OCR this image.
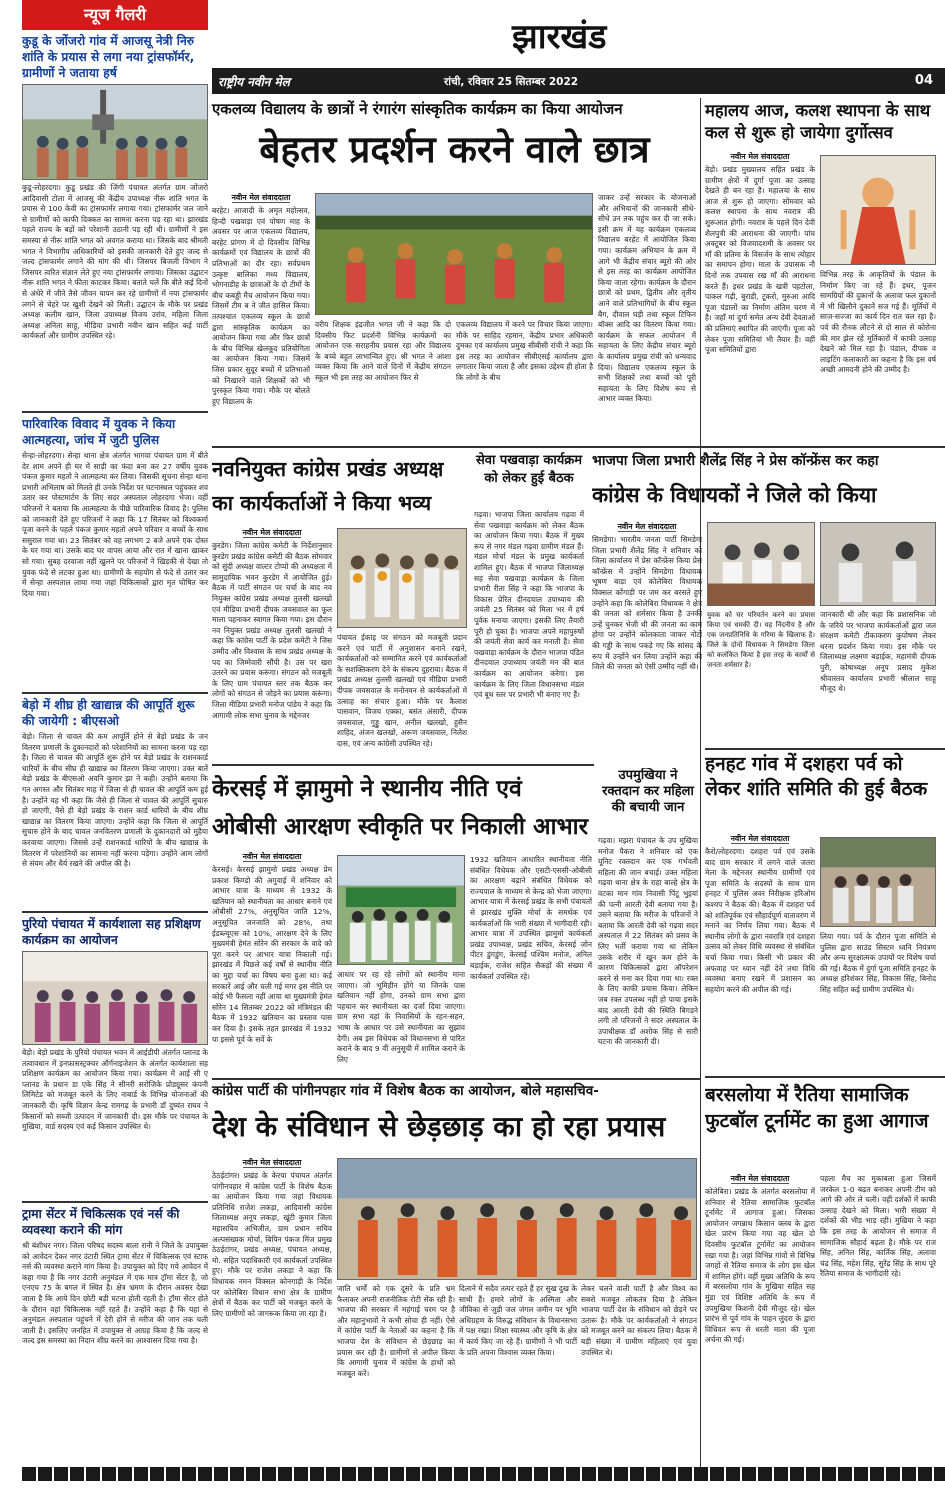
झारखंड
राष्ट्रीय नवीन मेल	रांची, रविवार 25 सितम्बर 2022	04
न्यूज गैलरी
कुडू के जोंजरो गांव में आजसू नेत्री निरु शांति के प्रयास से लगा नया ट्रांसफॉर्मर, ग्रामीणों ने जताया हर्ष
कुडू-लोहरदगा। कुडू प्रखंड की जिंगी पंचायत अंतर्गत ग्राम जोंजरो आदिवासी टोला में आजसू की केंद्रीय उपाध्यक्ष नीरू शांति भगत के प्रयास से 100 केवी का ट्रांसफार्मर लगाया गया। ट्रांसफार्मर जल जाने से ग्रामीणों को काफी दिक्कत का सामना करना पड़ रहा था। झारखंड पहले राज्य के बड़ों को परेशानी उठानी पड़ रही थी। ग्रामीणों ने इस समस्या से नीरू शांति भगत को अवगत कराया था। जिसके बाद श्रीमती भगत ने विभागीय अधिकारियों को इसकी जानकारी देते हुए जल्द से जल्द ट्रांसफार्मर लगाने की मांग की थी। जिसपर बिजली विभाग ने जिसपर त्वरित संज्ञान लेते हुए नया ट्रांसफार्मर लगाया। जिसका उद्घाटन नीरू शांति भगत ने फीता काटकर किया। बताते चलें कि बीते कई दिनों से अंधेरे में जीने तैसे जीवन यापन कर रहे ग्रामीणों में नया ट्रांसफार्मर लगने से चेहरे पर खुशी देखने को मिली। उद्घाटन के मौके पर प्रखंड अध्यक्ष कलीम खान, जिला उपाध्यक्ष विजय उरांव, महिला जिला अध्यक्ष अनिता साहू, मीडिया प्रभारी नवीन खान सहित कई पार्टी कार्यकर्ता और ग्रामीण उपस्थित रहे।
पारिवारिक विवाद में युवक ने किया आत्महत्या, जांच में जुटी पुलिस
सेन्हा-लोहरदगा। सेन्हा थाना क्षेत्र अंतर्गत भागवा पंचायत ग्राम में बीते देर शाम अपने ही घर में साड़ी का फंदा बना कर 27 वर्षीय युवक पंकज कुमार महतो ने आत्महत्या कर लिया। जिसकी सूचना सेन्हा थाना प्रभारी अभिलाष को मिलते ही उनके निर्देश पर घटनास्थल पहुंचकर शव उतार कर पोस्टमार्टम के लिए सदर अस्पताल लोहरदगा भेजा। वहीं परिजनों ने बताया कि आत्महत्या के पीछे पारिवारिक विवाद है। पुलिस को जानकारी देते हुए परिजनों ने कहा कि 17 सितंबर को विश्वकर्मा पूजा करने के पहले पंकज कुमार महतो अपने परिवार व बच्चों के साथ ससुराल गया था। 23 सितंबर को वह लगभग 2 बजे अपने एक दोस्त के घर गया था। उसके बाद घर वापस आया और रात में खाना खाकर सो गया। सुबह दरवाजा नहीं खुलने पर परिजनों ने खिड़की से देखा तो युवक फंदे से लटका हुआ था। ग्रामीणों के सहयोग से फंदे से उतार कर में सेन्हा अस्पताल लाया गया जहां चिकित्सकों द्वारा मृत घोषित कर दिया गया।
बेड़ो में शीघ्र ही खाद्यान्न की आपूर्ति शुरू की जायेगी : बीएसओ
बेड़ो। जिला से चावल की कम आपूर्ति होने से बेड़ो प्रखंड के जन वितरण प्रणाली के दुकानदारों को परेशानियों का सामना करना पड़ रहा है। जिला से चावल की आपूर्ति शुरू होने पर बेड़ो प्रखंड के राशनकार्ड धारियों के बीच सीघ्र ही खाद्यान्न का वितरण किया जाएगा। उक्त बातें बेड़ो प्रखंड के बीएसओ अवनि कुमार झा ने कही। उन्होंने बताया कि गत अगस्त और सितंबर माह में जिला से ही चावल की आपूर्ति कम हुई है। उन्होंने यह भी कहा कि जैसे ही जिला से चावल की आपूर्ति सुचारु हो जाएगी, वैसे ही बेड़ो प्रखंड के राशन कार्ड धारियों के बीच शीघ्र खाद्यान्न का वितरण किया जाएगा। उन्होंने कहा कि जिला से आपूर्ति सुचारु होने के बाद चावल जनवितरण प्रणाली के दुकानदारों को मुहैया करवाया जाएगा। जिससे उन्हें राशनकार्ड धारियों के बीच खाद्यान्न के वितरण में परेशानियों का सामना नहीं करना पड़ेगा। उन्होंने आम लोगों से संयम और धैर्य रखने की अपील की है।
पुरियो पंचायत में कार्यशाला सह प्रशिक्षण कार्यक्रम का आयोजन
बेड़ो। बेड़ो प्रखंड के पुरियो पंचायत भवन में आईडीपी अंतर्गत प्लानड के तत्वावधान में इनफ़ासस्ट्रक्चर ऑर्गनाइजेशन के अंतर्गत कार्यशाला सह प्रशिक्षण कार्यक्रम का आयोजन किया गया। कार्यक्रम में आई सी ए प्लानड के प्रधान डा एके सिंह ने सीनरी सरोजिके प्रोड्यूसर कंपनी लिमिटेड को मजबूत करने के लिए नाबार्ड के विभिन्न योजनाओं की जानकारी दी। कृषि विज्ञान केन्द्र रामगढ़ के प्रभारी डॉ दुष्यंत राघव ने किसानों को सब्जी उत्पादन में जानकारी दी। इस मौके पर पंचायत के मुखिया, वार्ड सदस्य एवं कई किसान उपस्थित थे।
ट्रामा सेंटर में चिकित्सक एवं नर्स की व्यवस्था कराने की मांग
श्री बंशीधर नगर। जिला परिषद सदस्य बाला रानी ने जिले के उपायुक्त को आवेदन देकर नगर उंटारी स्थित ट्रामा सेंटर में चिकित्सक एवं स्टाफ नर्स की व्यवस्था कराने मांग किया है। उपायुक्त को दिए गये आवेदन में कहा गया है कि नगर उंटारी अनुमंडल में एक मात्र ट्रॉमा सेंटर है, जो एनएच 75 के बगल में स्थित है। क्षेत्र भ्रमण के दौरान अवसर देखा जाता है कि आये दिन छोटी बड़ी घटना होती रहती है। ट्रॉमा सेंटर होते के दौरान वहां चिकित्सक नहीं रहते हैं। उन्होंने कहा है कि यहां से अनुमंडल अस्पताल पहुंचने में देरी होने से मरीज की जान तक चली जाती है। इसलिए जनहित में उपायुक्त से आग्रह किया है कि जल्द से जल्द इस समस्या का निदान शीघ्र करने का आश्वासन दिया गया है।
एकलव्य विद्यालय के छात्रों ने रंगारंग सांस्कृतिक कार्यक्रम का किया आयोजन
बेहतर प्रदर्शन करने वाले छात्र
नवीन मेल संवाददाता
बरहेट। आजादी के अमृत महोत्सव, हिन्दी पखवाड़ा एवं पोषण माह के अवसर पर आज एकलव्य विद्यालय, बरहेट प्रांगण में दो दिवसीय विभिन्न कार्यक्रमों एवं विद्यालय के छात्रों की प्रतिभाओं का दौर रहा। सर्वप्रथम उत्कृष्ट बालिका मध्य विद्यालय, भोगनाडीह के छात्राओं के दो टीमों के बीच कबड्डी मैच आयोजन किया गया। जिसमें टीम ब ने जीत हासिल किया। तत्पश्चात एकलव्य स्कूल के छात्रों द्वारा सांस्कृतिक कार्यक्रम का आयोजन किया गया और फिर छात्रों के बीच विभिन्न खेलकूद प्रतियोगिता का आयोजन किया गया। जिसमें जिस प्रकार सुदूर बच्चों में प्रतिभाओं को निखारने वाले शिक्षकों को भी पुरस्कृत किया गया। मौके पर बोलते हुए विद्यालय के
जाकर उन्हें सरकार के योजनाओं और अभियानों की जानकारी सीधे-सीधे उन तक पहुंच कर दी जा सके। इसी क्रम में यह कार्यक्रम एकलव्य विद्यालय बरहेट में आयोजित किया गया। कार्यक्रम अभियान के क्रम में आगे भी केंद्रीय संचार ब्यूरो की ओर से इस तरह का कार्यक्रम आयोजित किया जाता रहेगा। कार्यक्रम के दौरान छात्रों को प्रथम, द्वितीय और तृतीय आने वाले प्रतिभागियों के बीच स्कूल बैग, दीवाल घड़ी तथा स्कूल टिफिन बॉक्स आदि का वितरण किया गया। कार्यक्रम के सफल आयोजन में सहायता के लिए केंद्रीय संचार ब्यूरो के कार्यालय प्रमुख रांची को धन्यवाद दिया। विद्यालय एकलव्य स्कूल के सभी शिक्षकों तथा बच्चों को पूरी सहायता के लिए विशेष रूप से आभार व्यक्त किया।
वरीय शिक्षक इंद्रजीत भगत जी ने कहा कि दो दिवसीय फिट प्रदर्शनी विभिन्न कार्यक्रमों का आयोजन एक सराहनीय प्रयास रहा और विद्यालय के बच्चे बहुत लाभान्वित हुए। श्री भगत ने आशा व्यक्त किया कि आने वाले दिनों में केंद्रीय संगठन स्कूल भी इस तरह का आयोजन फिर से
एकलव्य विद्यालय में करने पर विचार किया जाएगा। मौके पर साहिद रहमान, केंद्रीय प्रभार अधिकारी दुमका एवं कार्यालय प्रमुख सीबीसी रांची ने कहा कि इस तरह का आयोजन सीबीएसई कार्यालय द्वारा लगातार किया जाता है और इसका उद्देश्य ही होता है कि लोगों के बीच
महालय आज, कलश स्थापना के साथ कल से शुरू हो जायेगा दुर्गोत्सव
नवीन मेल संवाददाता
बेड़ो। प्रखंड मुख्यालय सहित प्रखंड के ग्रामीण क्षेत्रों में दुर्गा पूजा का उत्साह देखते ही बन रहा है। महालया के साथ आज से शुरू हो जाएगा। सोमवार को कलश स्थापना के साथ नवरात्र की शुरूआत होगी। नवरात्र के पहले दिन देवी शैलपुत्री की आराधना की जाएगी। पांच अक्टूबर को विजयादशमी के अवसर पर माँ की प्रतिमा के विसर्जन के साथ त्योहार का समापन होगा। माता के उपासक नौ दिनों तक उपवास रख माँ की आराधना करते हैं। इधर प्रखंड के खत्री पहटोला, पाकल गढ़ी, बुराडी, टूकरो, मुरुआ आदि पूजा पंडालों का निर्माण अंतिम चरण में है। जहाँ मां दुर्गा समेत अन्य देवी देवताओं की प्रतिमाएं स्थापित की जाएंगी। पूजा को लेकर पूजा समितियां भी तैयार हैं। वहीं पूजा समितियों द्वारा
विभिन्न तरह के आकृतियों के पंडाल के निर्माण किए जा रहे हैं। इधर, पूजन सामग्रियों की दुकानों के अलावा फल दुकानों में भी खिलौने दुकानें सज गई हैं। मूर्तियों में साज-सज्जा का कार्य दिन रात चल रहा है। पर्व की रौनक लौटने से दो साल से कोरोना की मार झेल रहे मूर्तिकारों में काफी उत्साह देखने को मिल रहा है। पंडाल, दीपक व लाइटिंग कलाकारों का कहना है कि इस वर्ष अच्छी आमदनी होने की उम्मीद है।
नवनियुक्त कांग्रेस प्रखंड अध्यक्ष का कार्यकर्ताओं ने किया भव्य
नवीन मेल संवाददाता
कुरडेग। जिला कांग्रेस कमेटी के निर्देशानुसार कुरडेग प्रखंड कांग्रेस कमेटी की बैठक सोमवार को सुंदी अध्यक्ष वाल्टर टोप्पो की अध्यक्षता में सामुदायिक भवन कुरडेग में आयोजित हुई। बैठक में पार्टी संगठन पर चर्चा के बाद नव नियुक्त कांग्रेस प्रखंड अध्यक्ष तुलसी खलखो एवं मीडिया प्रभारी दीपक जयसवाल का फूल माला पहनाकर स्वागत किया गया। इस दौरान नव नियुक्त प्रखंड अध्यक्ष तुलसी खलखो ने कहा कि कांग्रेस पार्टी के प्रदेश कमेटी ने जिस उम्मीद और विश्वास के साथ प्रखंड अध्यक्ष के पद का जिम्मेवारी सौंपी है। उस पर खरा उतरने का प्रयास करूंगा। संगठन को मजबूती के लिए ग्राम पंचायत स्तर तक बैठक कर लोगों को संगठन से जोड़ने का प्रयास करूंगा। जिला मीडिया प्रभारी मनोज पांडेय ने कहा कि आगामी लोक सभा चुनाव के मद्देनजर
पंचायत ईकाइ पर संगठन को मजबूती प्रदान करने एवं पार्टी में अनुशासन बनाने रखने, कार्यकर्ताओं को सम्मानित करने एवं कार्यकर्ताओं के सशक्तिकरण देने के संकल्प दुहराया। बैठक में प्रखंड अध्यक्ष तुलसी खलखो एवं मीडिया प्रभारी दीपक जयसवाल के मनोनयन से कार्यकर्ताओं में उत्साह का संचार हुआ। मौके पर कैलाश पासवान, विजय एक्का, बसंत अंसारी, दीपक जयसवाल, गुड्डु खान, अनील खलखो, हुसैन शाहिद, अंजन खलखो, अरूण जयसवाल, निलेश दास, एवं अन्य कांग्रेसी उपस्थित रहे।
सेवा पखवाड़ा कार्यक्रम को लेकर हुई बैठक
गढ़वा। भाजपा जिला कार्यालय गढ़वा में सेवा पखवाड़ा कार्यक्रम को लेकर बैठक का आयोजन किया गया। बैठक में मुख्य रूप से नगर मंडल गढ़वा ग्रामीण मंडल हैं। मंडल मोर्चा मंडल के प्रमुख कार्यकर्ता शामिल हुए। बैठक में भाजपा जिलाध्यक्ष सह सेवा पखवाड़ा कार्यक्रम के जिला प्रभारी रीता सिंह ने कहा कि भाजपा के विकास प्रेरित दीनदयाल उपाध्याय की जयंती 25 सितंबर को मिला भर में हर्ष पूर्वक मनाया जाएगा। इसकी लिए तैयारी पूरी हो चुका है। भाजपा अपने महापुरुषों की जयंती सेवा कार्य कर मनाती है। सेवा पखवाड़ा कार्यक्रम के दौरान भाजपा पंडित दीनदयाल उपाध्याय जयंती मन की बात कार्यक्रम का आयोजन करेगा। इस कार्यक्रम के लिए जिला विधानसभा मंडल एवं बूथ स्तर पर प्रभारी भी बनाए गए हैं।
भाजपा जिला प्रभारी शैलेंद्र सिंह ने प्रेस कॉन्फ्रेंस कर कहा
कांग्रेस के विधायकों ने जिले को किया
नवीन मेल संवाददाता
सिमडेगा। भारतीय जनता पार्टी सिमडेगा जिला प्रभारी शैलेंद्र सिंह ने शनिवार को जिला कार्यालय में प्रेस कॉन्फ्रेंस किया प्रेस कॉन्फ्रेंस में उन्होंने सिमडेगा विधायक भूषण बाड़ा एवं कोलेबिरा विधायक विक्सल कोंगाड़ी पर जम कर बरसते हुए उन्होंने कहा कि कोलेबिरा विधायक ने क्षेत्र की जनता को शर्मसार किया है उनकी उन्हें चुनकर भेजी थी की जनता का काम होगा पर उन्होंने कोलकाता जाकर नोटों की गड्डी के साथ पकड़े गए कि सांसद के रूप में उन्होंने धन लिया उन्होंने कहा की जिले की जनता को ऐसी उम्मीद नहीं थी।
युवक को घर परिवर्तन करने का प्रयास किया एवं धमकी दी। यह निंदनीय है और एक जनप्रतिनिधि के गरिमा के खिलाफ है। जिले के दोनों विधायक ने सिमडेगा जिला को कलंकित किया है इस तरह के कार्यों से जनता शर्मसार है।
जानकारी थी और कहा कि प्रशासनिक जो के जरिये पर भाजपा कार्यकर्ताओं द्वारा जल संरक्षण कमेटी टीकाकरण कुपोषण लेकर धरना प्रदर्शन किया गया। इस मौके पर जिलाध्यक्ष लक्ष्मण बड़ाईक, महामंत्री दीपक पुरी, कोषाध्यक्ष अनूप प्रसाद मुकेश श्रीवास्तव कार्यालय प्रभारी श्रीलाल साहू मौजूद थे।
केरसई में झामुमो ने स्थानीय नीति एवं ओबीसी आरक्षण स्वीकृति पर निकाली आभार
नवीन मेल संवाददाता
केरसई। केरसई झामुमो प्रखंड अध्यक्ष प्रेम प्रकाश किण्डो की अगुवाई में शनिवार को आभार यात्रा के माध्यम से 1932 के खतियान को स्थानीयता का आधार बनाने एवं ओबीसी 27%, अनुसूचित जाति 12%, अनुसूचित जनजाति को 28%, तथा ईडब्ल्यूएस को 10%, आरक्षण देने के लिए मुख्यमंत्री हेमंत सोरेन की सरकार के वादे को पूरा करने पर आभार यात्रा निकाली गई। झारखंड में पिछले कई वर्षों से स्थानीय नीति का मुद्दा चर्चा का विषय बना हुआ था। कई सरकारें आई और चली गई मगर इस नीति पर कोई भी फैसला नहीं आया था मुख्यमंत्री हेमंत सोरेन 14 सितम्बर 2022 को मंत्रिमंडल की बैठक में 1932 खतियान का प्रस्ताव पास कर दिया है। इसके तहत झारखंड में 1932 या इससे पूर्व के सर्वे के
आधार पर रह रहे लोगों को स्थानीय माना जाएगा। जो भूमिहीन होंगे या जिनके पास खतियान नहीं होगा, उनको ग्राम सभा द्वारा पहचान कर स्थानीयता का दर्जा दिया जाएगा। ग्राम सभा यहां के निवासियों के रहन-सहन, भाषा के आधार पर उसे स्थानीयता का सुझाव देगी। अब इस विधेयक को विधानसभा से पारित कराने के बाद 9 वीं अनुसूची में शामिल कराने के लिए
1932 खतियान आधारित स्थानीयता नीति संबंधित विधेयक और एसटी-एससी-ओबीसी का आरक्षण बढ़ाने संबंधित विधेयक को राज्यपाल के माध्यम से केन्द्र को भेजा जाएगा। आभार यात्रा में केरसई प्रखंड के सभी पंचायतों से झारखंड मुक्ति मोर्चा के समर्थक एवं कार्यकर्ताओं कि भारी संख्या में भागीदारी रही। आभार यात्रा में उपस्थित झामुमो कार्यकर्ता प्रखंड उपाध्यक्ष, प्रखंड सचिव, केरसई जोन पीटर डुंगडुंग, केरसई पश्चिम मनोज, अनिल बड़ाईक, राजेश सहित सैकड़ों की संख्या में कार्यकर्ता उपस्थित रहे।
उपमुखिया ने रक्तदान कर महिला की बचायी जान
गढ़वा। मझरा पंचायत के उप मुखिया मनोज पैकरा ने शनिवार को एक यूनिट रक्तदान कर एक गर्भवती महिला की जान बचाई। उक्त महिला गढ़वा थाना क्षेत्र के राहा बाल्हे क्षेत्र के वटका मान गांव निवासी पिंटू भुइयां की पत्नी आरती देवी बताया गया है। उसने बताया कि मरीज के परिजनों ने बताया कि आरती देवी को गढ़वा सदर अस्पताल में 22 सितंबर को प्रसव के लिए भर्ती कराया गया था लेकिन उसके शरीर में खून कम होने के कारण चिकित्सकों द्वारा ऑपरेशन करने से मना कर दिया गया था। रक्त के लिए काफी प्रयास किया। लेकिन जब रक्त उपलब्ध नहीं हो पाया इसके बाद आरती देवी की स्थिति बिगड़ने लगी तो परिजनों ने सदर अस्पताल के उपाधीक्षक डॉ अशोक सिंह से सारी घटना की जानकारी दी।
हनहट गांव में दशहरा पर्व को लेकर शांति समिति की हुई बैठक
नवीन मेल संवाददाता
कैरो/लोहरदगा। दशहरा पर्व एवं उसके बाद ग्राम सरकार में लगने वाले जतरा मेला के मद्देनजर स्थानीय ग्रामीणों एवं पूजा समिति के सदस्यों के साथ ग्राम हनहट में पुलिस अवर निरीक्षक हरिओम कश्यप ने बैठक की। बैठक में दशहरा पर्व को शांतिपूर्वक एवं सौहार्दपूर्ण वातावरण में मनाने का निर्णय लिया गया। बैठक में स्थानीय लोगों के द्वारा नवरात्रि एवं दशहरा उत्सव को लेकर विधि व्यवस्था से संबंधित चर्चा किया गया। किसी भी प्रकार की अफवाह पर ध्यान नहीं देने तथा विधि व्यवस्था बनाए रखने में प्रशासन का सहयोग करने की अपील की गई।
लिया गया। पर्व के दौरान पूजा समिति से पुलिस द्वारा साउंड सिस्टम ध्वनि नियंत्रण और अन्य सुरक्षात्मक उपायों पर विशेष चर्चा की गई। बैठक में दुर्गा पूजा समिति हनहट के अध्यक्ष हरिशंकर सिंह, विकास सिंह, बिनोद सिंह सहित कई ग्रामीण उपस्थित थे।
कांग्रेस पार्टी की पांगीनपहार गांव में विशेष बैठक का आयोजन, बोले महासचिव-
देश के संविधान से छेड़छाड़ का हो रहा प्रयास
नवीन मेल संवाददाता
ठेठईटांगर। प्रखंड के केरया पंचायत अंतर्गत पांगीनपहार में कांग्रेस पार्टी के विशेष बैठक का आयोजन किया गया जहां विधायक प्रतिनिधि राजेश लकड़ा, आदिवासी कांग्रेस जिलाध्यक्ष अनूप लकड़ा, खूंटी कुमार जिला महासचिव अभिजीत, ग्राम प्रधान सचिव अल्पसंख्यक मोर्चा, बिपिन पंकज मिंज प्रमुख ठेठईटांगर, प्रखंड अध्यक्ष, पंचायत अध्यक्ष, मो. सहित पदाधिकारी एवं कार्यकर्ता उपस्थित हुए। मौके पर राजेश लकड़ा ने कहा कि विधायक नमन विक्सल कोनगाड़ी के निर्देश पर कोलेबिरा विधान सभा क्षेत्र के ग्रामीण क्षेत्रों में बैठक कर पार्टी को मजबूत करने के लिए ग्रामीणों को जागरूक किया जा रहा है।
जाति धर्मों को एक दूसरे के प्रति भ्रम फैलाकर अपनी राजनीतिक रोटी सेंक रही है। भाजपा की सरकार में महंगाई चरम पर है और महानुभावों ने कभी सोचा ही नहीं। ऐसे में कांग्रेस पार्टी के नेताओं का कहना है कि भाजपा देश के संविधान से छेड़छाड़ का प्रयास कर रही है। ग्रामीणों से अपील किया कि आगामी चुनाव में कांग्रेस के हाथों को मजबूत करें।
दिलाने में सदैव तत्पर रहते हैं हर सुख दुख के साथी हैं। हमारे लोगों के अस्मिता और जीविका से जुड़ी जल जंगल जमीन पर भूमि अधिग्रहण के विरुद्ध संविधान के विधानसभा में पक्ष रखा। शिक्षा स्वास्थ्य और कृषि के क्षेत्र में कार्य किए जा रहे हैं। ग्रामीणों ने भी पार्टी के प्रति अपना विश्वास व्यक्त किया।
लेकर चलने वाली पार्टी है और विश्व का सबसे मजबूत लोकतंत्र दिया है लेकिन भाजपा पार्टी देश के संविधान को छेड़ने पर उतारू है। मौके पर कार्यकर्ताओं ने संगठन को मजबूत करने का संकल्प लिया। बैठक में बड़ी संख्या में ग्रामीण महिलाएं एवं युवा उपस्थित थे।
बरसलोया में रैतिया सामाजिक फुटबॉल टूर्नामेंट का हुआ आगाज
नवीन मेल संवाददाता
कोलेबिरा। प्रखंड के अंतर्गत बरसलोया में शनिवार से रैतिया सामाजिक फुटबॉल टूर्नामेंट में आगाज हुआ। जिसका आयोजन जगन्नाथ किसान क्लब के द्वारा खेल प्रारंभ किया गया वह खेल दो दिवसीय फुटबॉल टूर्नामेंट का आयोजन रखा गया है। जहां विभिन्न गांवों से विभिन्न जगहों से रैतिया समाज के लोग इस खेल में शामिल होंगे। वहीं मुख्य अतिथि के रूप में बरसलोया गांव के मुखिया सहित सह मुंडा एवं विशिष्ट अतिथि के रूप में उपमुखिया किशनी देवी मौजूद रहे। खेल प्रारंभ से पूर्व गांव के पाहन लुंदरा के द्वारा विधिवत रूप से धरती माता की पूजा अर्चना की गई।
पहला मैच का मुकाबला हुआ जिसमें जरकेल 1-0 बढ़त बनाकर अपनी टीम को आगे की ओर ले चली। वहीं दर्शकों में काफी उत्साह देखने को मिला। भारी संख्या में दर्शकों की भीड़ भाड़ रही। मुखिया ने कहा कि इस तरह के आयोजन से समाज में सामाजिक सौहार्द बढ़ता है। मौके पर राज सिंह, अनिल सिंह, कार्तिक सिंह, अलावा चंद्र सिंह, महेश सिंह, सुरेंद्र सिंह के साथ पूरे रैतिया समाज के भागीदारी रहे।
